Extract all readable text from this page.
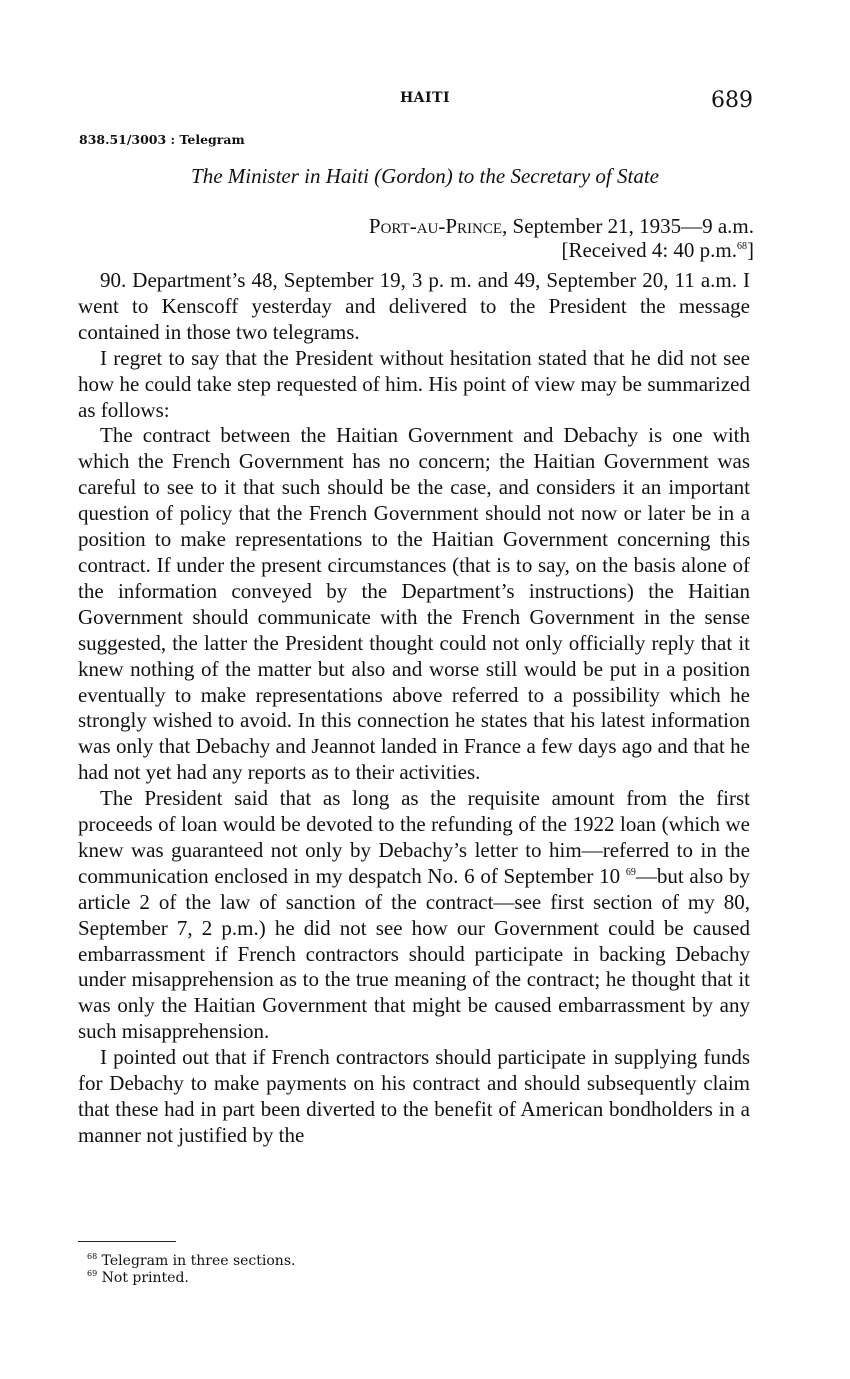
HAITI	689
838.51/3003 : Telegram
The Minister in Haiti (Gordon) to the Secretary of State
Port-au-Prince, September 21, 1935—9 a.m.
[Received 4: 40 p.m.$^{68}$]

90. Department’s 48, September 19, 3 p. m. and 49, September 20, 11 a.m. I went to Kenscoff yesterday and delivered to the President the message contained in those two telegrams.

I regret to say that the President without hesitation stated that he did not see how he could take step requested of him. His point of view may be summarized as follows:

The contract between the Haitian Government and Debachy is one with which the French Government has no concern; the Haitian Government was careful to see to it that such should be the case, and considers it an important question of policy that the French Government should not now or later be in a position to make representations to the Haitian Government concerning this contract. If under the present circumstances (that is to say, on the basis alone of the information conveyed by the Department’s instructions) the Haitian Government should communicate with the French Government in the sense suggested, the latter the President thought could not only officially reply that it knew nothing of the matter but also and worse still would be put in a position eventually to make representations above referred to a possibility which he strongly wished to avoid. In this connection he states that his latest information was only that Debachy and Jeannot landed in France a few days ago and that he had not yet had any reports as to their activities.

The President said that as long as the requisite amount from the first proceeds of loan would be devoted to the refunding of the 1922 loan (which we knew was guaranteed not only by Debachy’s letter to him—referred to in the communication enclosed in my despatch No. 6 of September 10 $^{69}$—but also by article 2 of the law of sanction of the contract—see first section of my 80, September 7, 2 p.m.) he did not see how our Government could be caused embarrassment if French contractors should participate in backing Debachy under misapprehension as to the true meaning of the contract; he thought that it was only the Haitian Government that might be caused embarrassment by any such misapprehension.

I pointed out that if French contractors should participate in supplying funds for Debachy to make payments on his contract and should subsequently claim that these had in part been diverted to the benefit of American bondholders in a manner not justified by the

$^{68}$ Telegram in three sections.
$^{69}$ Not printed.
